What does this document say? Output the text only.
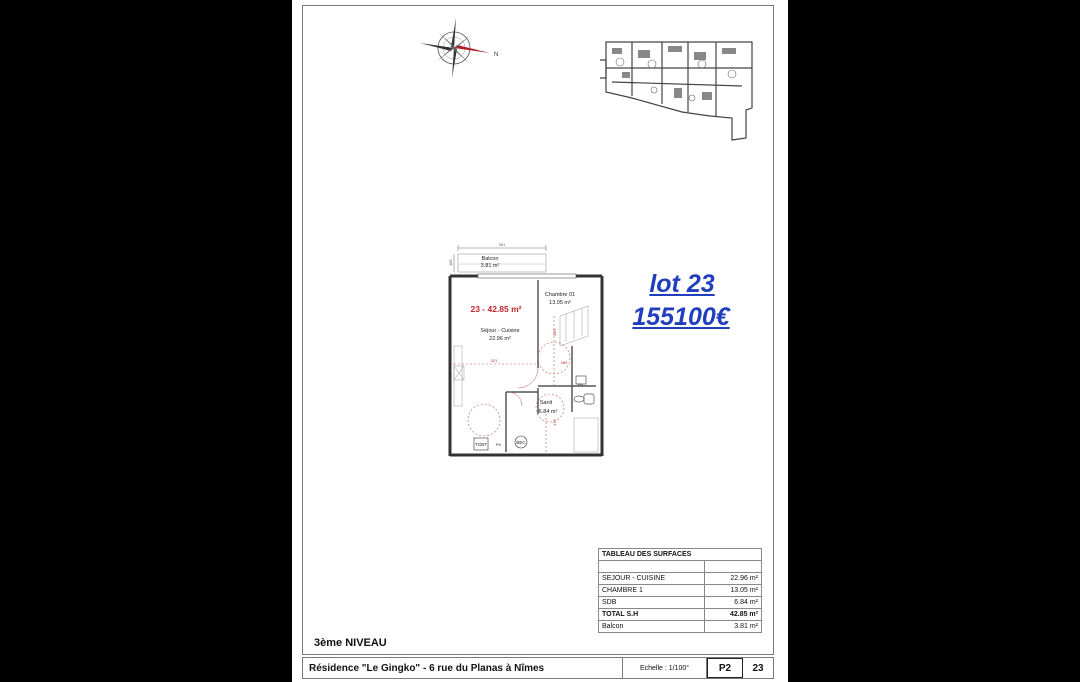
N
391
185
Balcon
3.81 m²
TGBT Ph	BEC
Ph
Chambre 01
13.05 m²
23 - 42.85 m²
Séjour - Cuisine
22.96 m²
Sanit
6.84 m²
321	280
300
175
lot 23
155100€
TABLEAU DES SURFACES	

SEJOUR - CUISINE	22.96 m²
CHAMBRE 1	13.05 m²
SDB	6.84 m²
TOTAL S.H	42.85 m²
Balcon	3.81 m²
3ème NIVEAU
Résidence "Le Gingko" - 6 rue du Planas à Nîmes	Echelle : 1/100°	P2	23
